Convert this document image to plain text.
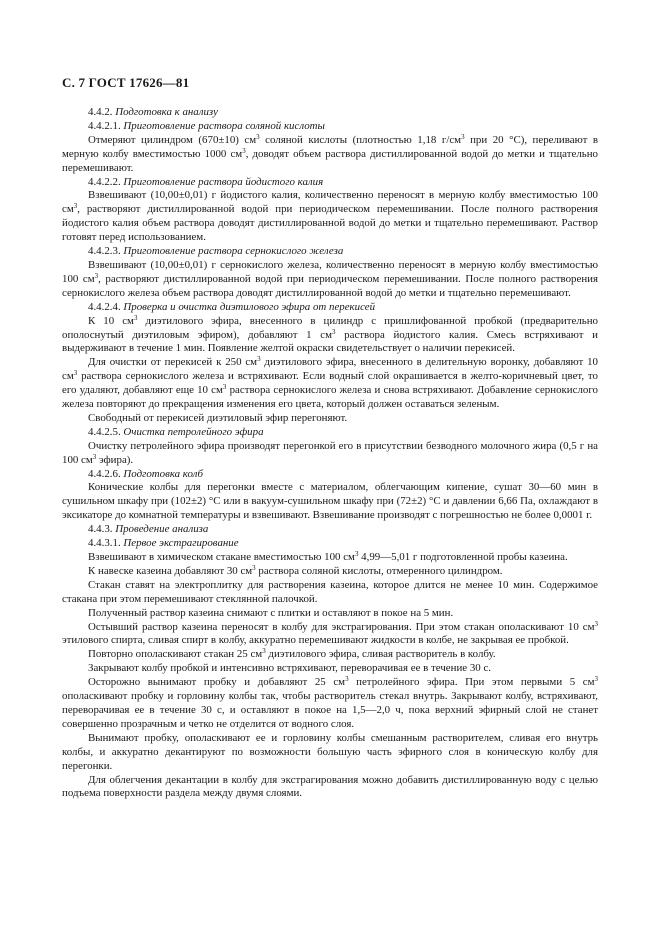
С. 7 ГОСТ 17626—81

4.4.2. Подготовка к анализу

4.4.2.1. Приготовление раствора соляной кислоты

Отмеряют цилиндром (670±10) $см^3$ соляной кислоты (плотностью 1,18 $г/см^3$ при 20 °С), переливают в мерную колбу вместимостью 1000 $см^3$, доводят объем раствора дистиллированной водой до метки и тщательно перемешивают.

4.4.2.2. Приготовление раствора йодистого калия

Взвешивают (10,00±0,01) г йодистого калия, количественно переносят в мерную колбу вместимостью 100 $см^3$, растворяют дистиллированной водой при периодическом перемешивании. После полного растворения йодистого калия объем раствора доводят дистиллированной водой до метки и тщательно перемешивают. Раствор готовят перед использованием.

4.4.2.3. Приготовление раствора сернокислого железа

Взвешивают (10,00±0,01) г сернокислого железа, количественно переносят в мерную колбу вместимостью 100 $см^3$, растворяют дистиллированной водой при периодическом перемешивании. После полного растворения сернокислого железа объем раствора доводят дистиллированной водой до метки и тщательно перемешивают.

4.4.2.4. Проверка и очистка диэтилового эфира от перекисей

К 10 $см^3$ диэтилового эфира, внесенного в цилиндр с пришлифованной пробкой (предварительно ополоснутый диэтиловым эфиром), добавляют 1 $см^3$ раствора йодистого калия. Смесь встряхивают и выдерживают в течение 1 мин. Появление желтой окраски свидетельствует о наличии перекисей.

Для очистки от перекисей к 250 $см^3$ диэтилового эфира, внесенного в делительную воронку, добавляют 10 $см^3$ раствора сернокислого железа и встряхивают. Если водный слой окрашивается в желто-коричневый цвет, то его удаляют, добавляют еще 10 $см^3$ раствора сернокислого железа и снова встряхивают. Добавление сернокислого железа повторяют до прекращения изменения его цвета, который должен оставаться зеленым.

Свободный от перекисей диэтиловый эфир перегоняют.

4.4.2.5. Очистка петролейного эфира

Очистку петролейного эфира производят перегонкой его в присутствии безводного молочного жира (0,5 г на 100 $см^3$ эфира).

4.4.2.6. Подготовка колб

Конические колбы для перегонки вместе с материалом, облегчающим кипение, сушат 30—60 мин в сушильном шкафу при (102±2) °С или в вакуум-сушильном шкафу при (72±2) °С и давлении 6,66 Па, охлаждают в эксикаторе до комнатной температуры и взвешивают. Взвешивание производят с погрешностью не более 0,0001 г.

4.4.3. Проведение анализа

4.4.3.1. Первое экстрагирование

Взвешивают в химическом стакане вместимостью 100 $см^3$ 4,99—5,01 г подготовленной пробы казеина.

К навеске казеина добавляют 30 $см^3$ раствора соляной кислоты, отмеренного цилиндром.

Стакан ставят на электроплитку для растворения казеина, которое длится не менее 10 мин. Содержимое стакана при этом перемешивают стеклянной палочкой.

Полученный раствор казеина снимают с плитки и оставляют в покое на 5 мин.

Остывший раствор казеина переносят в колбу для экстрагирования. При этом стакан ополаскивают 10 $см^3$ этилового спирта, сливая спирт в колбу, аккуратно перемешивают жидкости в колбе, не закрывая ее пробкой.

Повторно ополаскивают стакан 25 $см^3$ диэтилового эфира, сливая растворитель в колбу.

Закрывают колбу пробкой и интенсивно встряхивают, переворачивая ее в течение 30 с.

Осторожно вынимают пробку и добавляют 25 $см^3$ петролейного эфира. При этом первыми 5 $см^3$ ополаскивают пробку и горловину колбы так, чтобы растворитель стекал внутрь. Закрывают колбу, встряхивают, переворачивая ее в течение 30 с, и оставляют в покое на 1,5—2,0 ч, пока верхний эфирный слой не станет совершенно прозрачным и четко не отделится от водного слоя.

Вынимают пробку, ополаскивают ее и горловину колбы смешанным растворителем, сливая его внутрь колбы, и аккуратно декантируют по возможности большую часть эфирного слоя в коническую колбу для перегонки.

Для облегчения декантации в колбу для экстрагирования можно добавить дистиллированную воду с целью подъема поверхности раздела между двумя слоями.
